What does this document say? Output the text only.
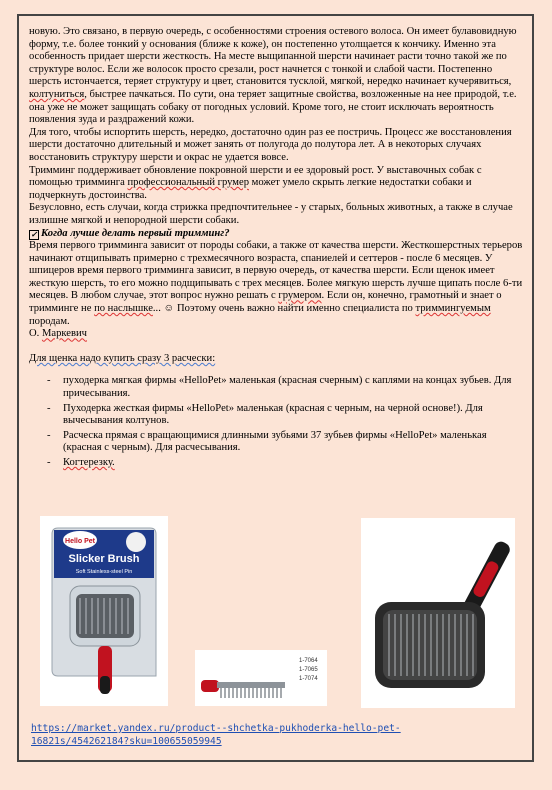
новую. Это связано, в первую очередь, с особенностями строения остевого волоса. Он имеет булавовидную форму, т.е. более тонкий у основания (ближе к коже), он постепенно утолщается к кончику. Именно эта особенность придает шерсти жесткость. На месте выщипанной шерсти начинает расти точно такой же по структуре волос. Если же волосок просто срезали, рост начнется с тонкой и слабой части. Постепенно шерсть истончается, теряет структуру и цвет, становится тусклой, мягкой, нередко начинает кучерявиться, колтуниться, быстрее пачкаться. По сути, она теряет защитные свойства, возложенные на нее природой, т.е. она уже не может защищать собаку от погодных условий. Кроме того, не стоит исключать вероятность появления зуда и раздражений кожи.

Для того, чтобы испортить шерсть, нередко, достаточно один раз ее постричь. Процесс же восстановления шерсти достаточно длительный и может занять от полугода до полутора лет. А в некоторых случаях восстановить структуру шерсти и окрас не удается вовсе.

Тримминг поддерживает обновление покровной шерсти и ее здоровый рост. У выставочных собак с помощью тримминга профессиональный грумер может умело скрыть легкие недостатки собаки и подчеркнуть достоинства.

Безусловно, есть случаи, когда стрижка предпочтительнее - у старых, больных животных, а также в случае излишне мягкой и непородной шерсти собаки.

✓ Когда лучше делать первый тримминг?

Время первого тримминга зависит от породы собаки, а также от качества шерсти. Жесткошерстных терьеров начинают отщипывать примерно с трехмесячного возраста, спаниелей и сеттеров - после 6 месяцев. У шпицеров время первого тримминга зависит, в первую очередь, от качества шерсти. Если щенок имеет жесткую шерсть, то его можно подщипывать с трех месяцев. Более мягкую шерсть лучше щипать после 6-ти месяцев. В любом случае, этот вопрос нужно решать с грумером. Если он, конечно, грамотный и знает о тримминге не по наслышке... ☺ Поэтому очень важно найти именно специалиста по триммингуемым породам.

О. Маркевич

Для щенка надо купить сразу 3 расчески:

- пуходерка мягкая фирмы «HelloPet» маленькая (красная счерным) с каплями на концах зубьев. Для причесывания.
- Пуходерка жесткая фирмы «HelloPet» маленькая (красная с черным, на черной основе!). Для вычесывания колтунов.
- Расческа прямая с вращающимися длинными зубьями 37 зубьев фирмы «HelloPet» маленькая (красная с черным). Для расчесывания.
- Когтерезку.
Hello Pet
Slicker Brush
Soft Stainless-steel Pin
1-7064
1-7065
1-7074
https://market.yandex.ru/product--shchetka-pukhoderka-hello-pet-16821s/454262184?sku=100655059945
